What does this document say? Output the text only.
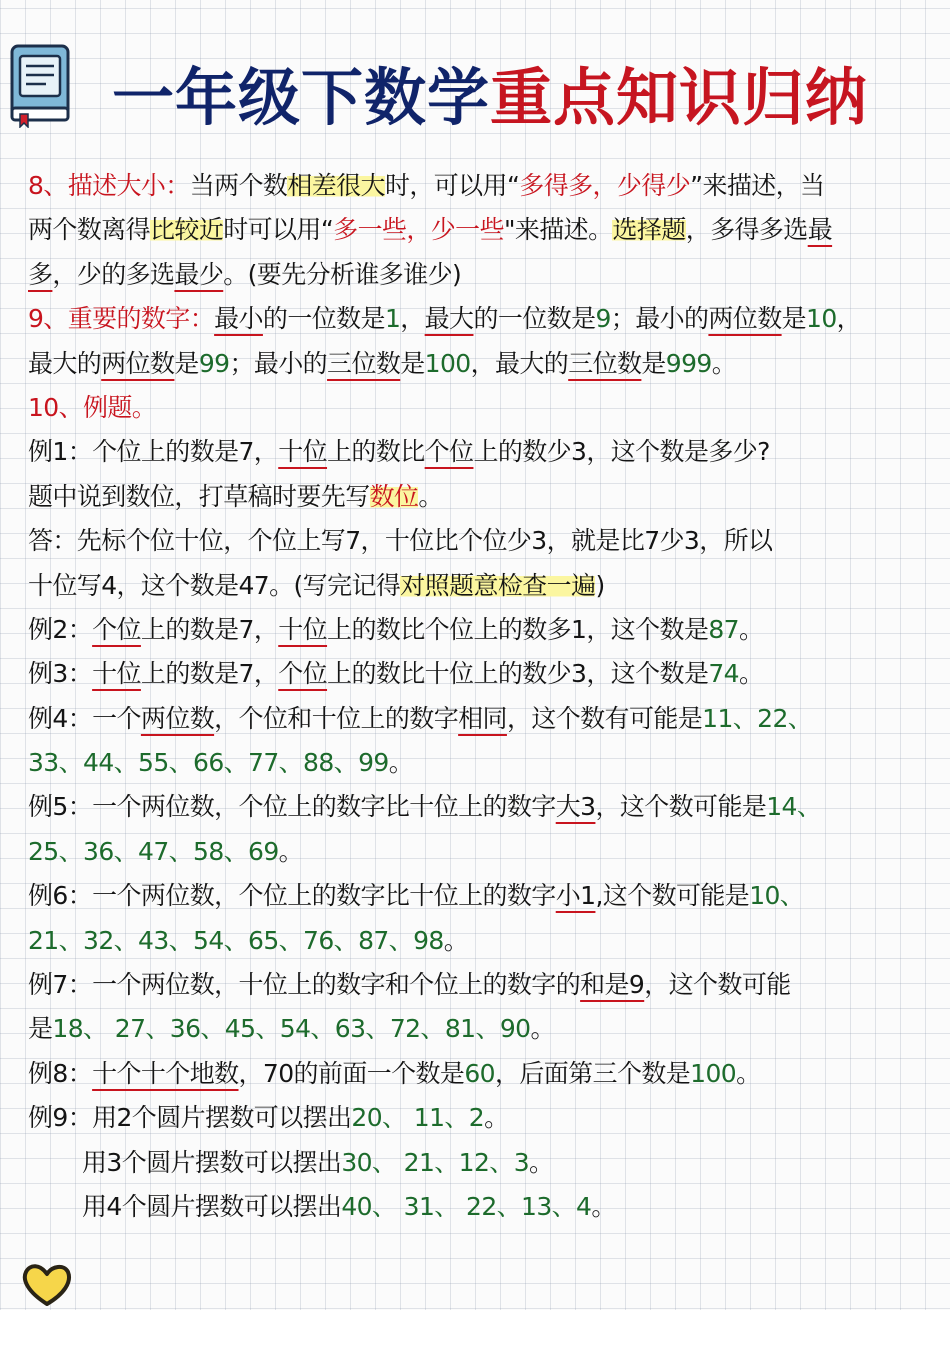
一年级下数学重点知识归纳
8、描述大小：当两个数相差很大时，可以用“多得多，少得少”来描述，当
两个数离得比较近时可以用“多一些，少一些"来描述。选择题，多得多选最
多，少的多选最少。(要先分析谁多谁少)
9、重要的数字：最小的一位数是1，最大的一位数是9；最小的两位数是10，
最大的两位数是99；最小的三位数是100，最大的三位数是999。
10、例题。
例1：个位上的数是7，十位上的数比个位上的数少3，这个数是多少?
题中说到数位，打草稿时要先写数位。
答：先标个位十位，个位上写7，十位比个位少3，就是比7少3，所以
十位写4，这个数是47。(写完记得对照题意检查一遍)
例2：个位上的数是7，十位上的数比个位上的数多1，这个数是87。
例3：十位上的数是7，个位上的数比十位上的数少3，这个数是74。
例4：一个两位数，个位和十位上的数字相同，这个数有可能是11、22、
33、44、55、66、77、88、99。
例5：一个两位数，个位上的数字比十位上的数字大3，这个数可能是14、
25、36、47、58、69。
例6：一个两位数，个位上的数字比十位上的数字小1,这个数可能是10、
21、32、43、54、65、76、87、98。
例7：一个两位数，十位上的数字和个位上的数字的和是9，这个数可能
是18、 27、36、45、54、63、72、81、90。
例8：十个十个地数，70的前面一个数是60，后面第三个数是100。
例9：用2个圆片摆数可以摆出20、 11、2。
用3个圆片摆数可以摆出30、 21、12、3。
用4个圆片摆数可以摆出40、 31、 22、13、4。
